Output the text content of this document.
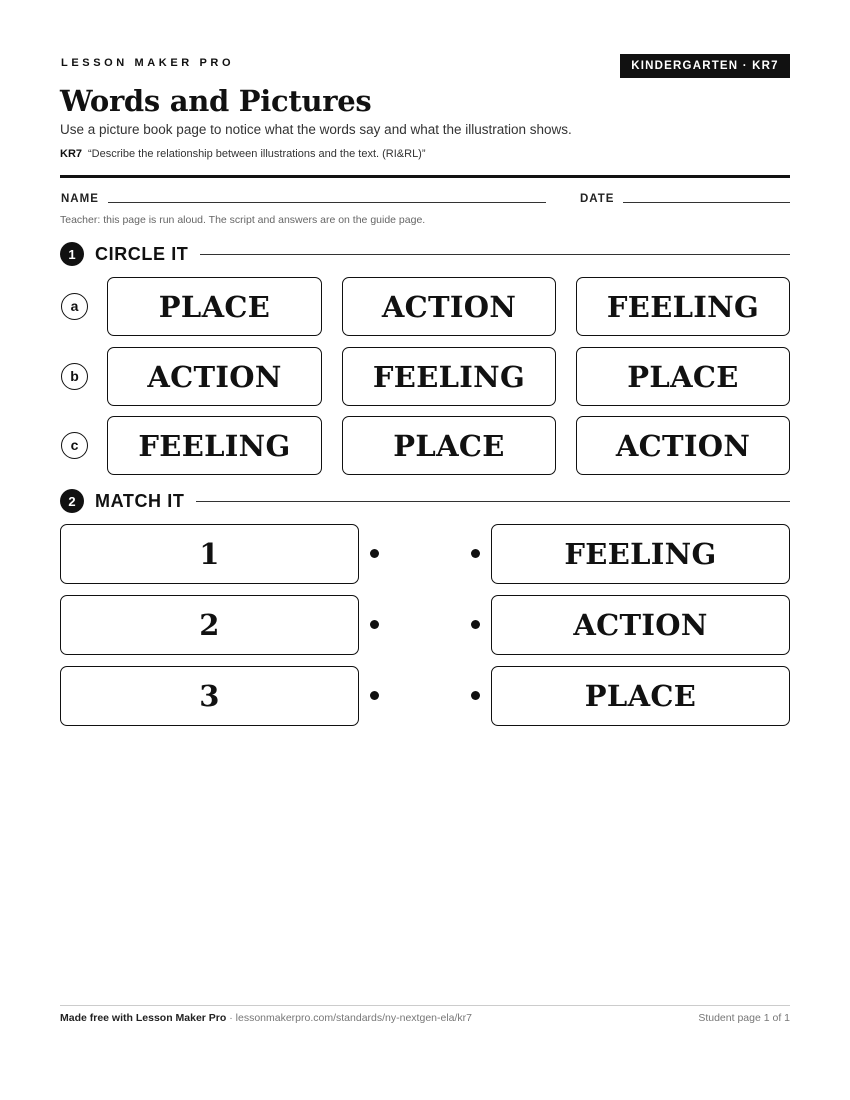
LESSON MAKER PRO	KINDERGARTEN · KR7
Words and Pictures
Use a picture book page to notice what the words say and what the illustration shows.
KR7 “Describe the relationship between illustrations and the text. (RI&RL)”
NAME	DATE
Teacher: this page is run aloud. The script and answers are on the guide page.
1	CIRCLE IT
a	PLACE	ACTION	FEELING
b	ACTION	FEELING	PLACE
c	FEELING	PLACE	ACTION
2	MATCH IT
1	FEELING
2	ACTION
3	PLACE
Made free with Lesson Maker Pro · lessonmakerpro.com/standards/ny-nextgen-ela/kr7	Student page 1 of 1
